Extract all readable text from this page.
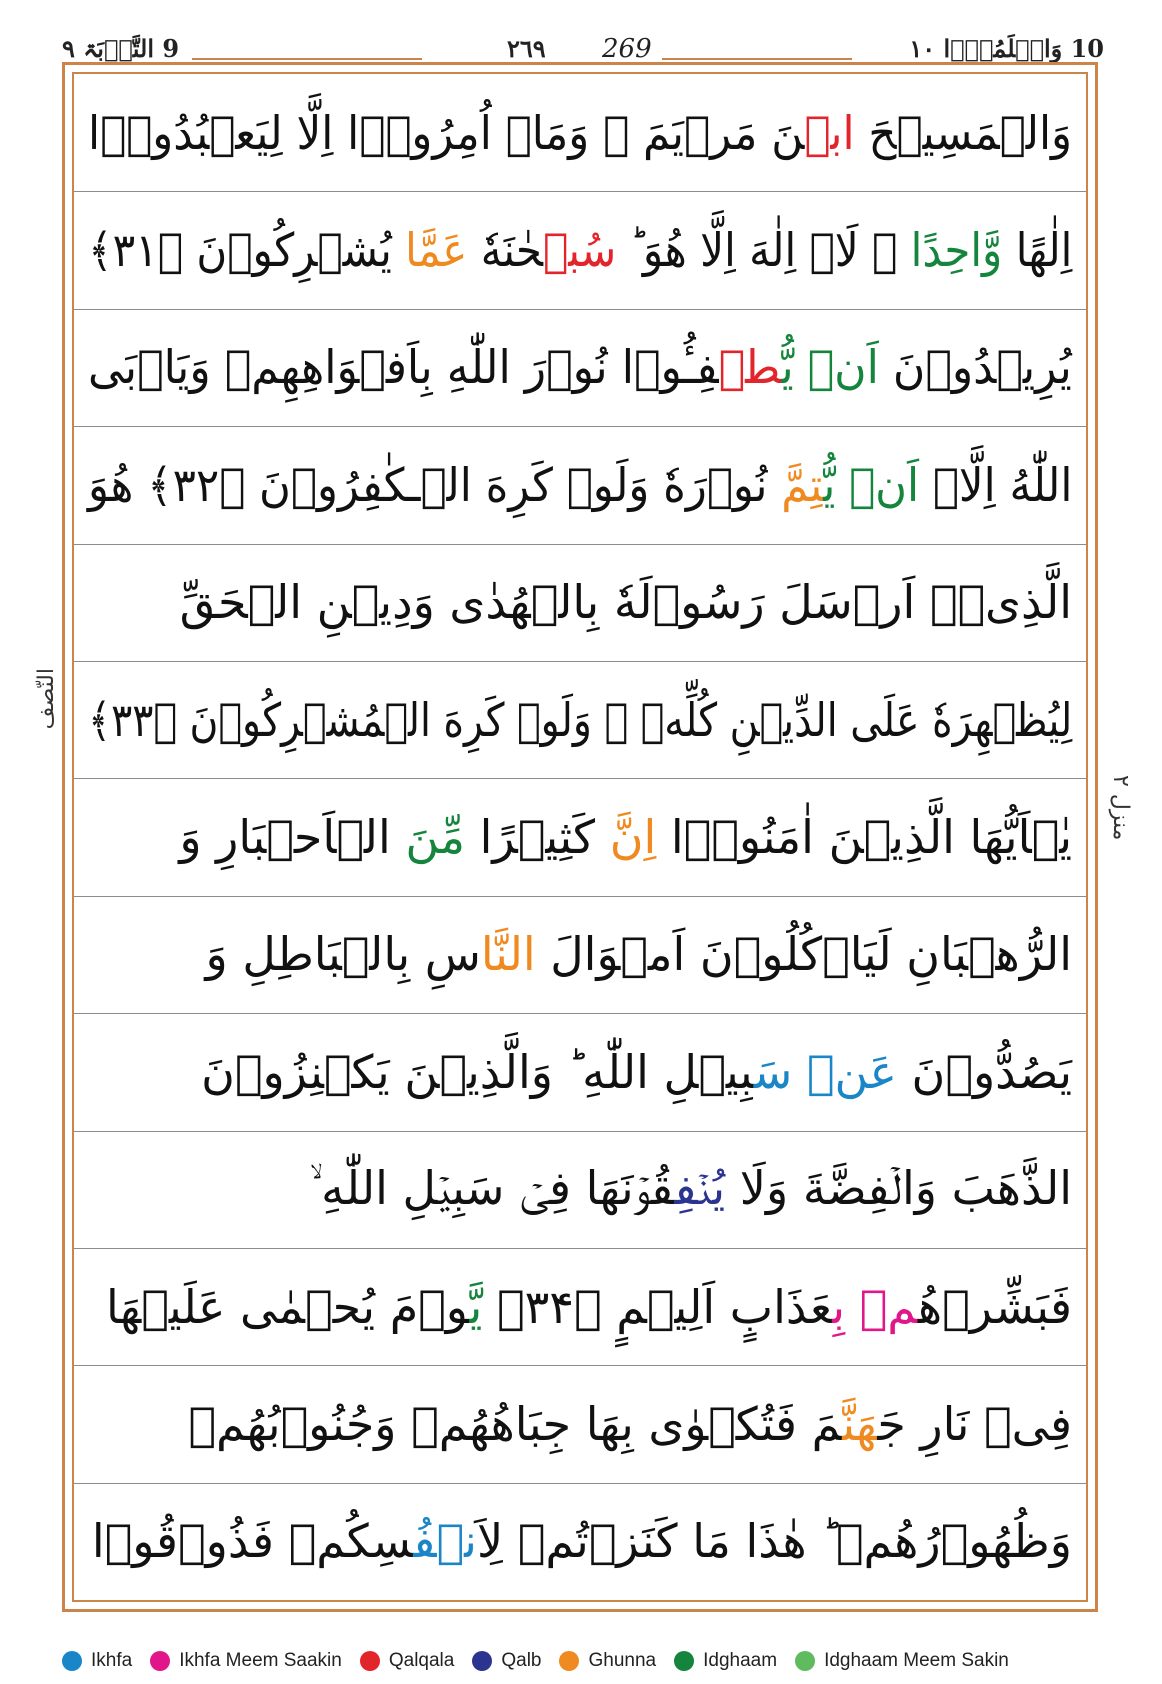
9 التَّوۡبَۃ ۹	٢٦٩ 269	10 وَاعۡلَمُوۡٓا ۱۰
وَالۡمَسِيۡحَ ابۡنَ مَرۡيَمَ ۚ وَمَاۤ اُمِرُوۡۤا اِلَّا لِيَعۡبُدُوۡۤا
اِلٰهًا وَّاحِدًا ۚ لَاۤ اِلٰهَ اِلَّا هُوَ ؕ سُبۡحٰنَهٗ عَمَّا يُشۡرِكُوۡنَ ﴿۳۱﴾
يُرِيۡدُوۡنَ اَنۡ يُّطۡفِـُٔوۡا نُوۡرَ اللّٰهِ بِاَفۡوَاهِهِمۡ وَيَاۡبَى
اللّٰهُ اِلَّاۤ اَنۡ يُّتِمَّ نُوۡرَهٗ وَلَوۡ كَرِهَ الۡـكٰفِرُوۡنَ ﴿۳۲﴾ هُوَ
الَّذِىۡۤ اَرۡسَلَ رَسُوۡلَهٗ بِالۡهُدٰى وَدِيۡنِ الۡحَقِّ
لِيُظۡهِرَهٗ عَلَى الدِّيۡنِ كُلِّهٖ ۙ وَلَوۡ كَرِهَ الۡمُشۡرِكُوۡنَ ﴿۳۳﴾
يٰۤاَيُّهَا الَّذِيۡنَ اٰمَنُوۡۤا اِنَّ كَثِيۡرًا مِّنَ الۡاَحۡبَارِ وَ
الرُّهۡبَانِ لَيَاۡكُلُوۡنَ اَمۡوَالَ النَّاسِ بِالۡبَاطِلِ وَ
يَصُدُّوۡنَ عَنۡ سَبِيۡلِ اللّٰهِ ؕ وَالَّذِيۡنَ يَكۡنِزُوۡنَ
الذَّهَبَ وَالۡفِضَّةَ وَلَا يُنۡفِقُوۡنَهَا فِىۡ سَبِيۡلِ اللّٰهِ ۙ
فَبَشِّرۡهُمۡ بِعَذَابٍ اَلِيۡمٍ ﴿۳۴﴾ يَّوۡمَ يُحۡمٰى عَلَيۡهَا
فِىۡ نَارِ جَهَنَّمَ فَتُكۡوٰى بِهَا جِبَاهُهُمۡ وَجُنُوۡبُهُمۡ
وَظُهُوۡرُهُمۡ ؕ هٰذَا مَا كَنَزۡتُمۡ لِاَنۡفُسِكُمۡ فَذُوۡقُوۡا
النّصف
منزل ۲
Ikhfa Ikhfa Meem Saakin Qalqala Qalb Ghunna Idghaam Idghaam Meem Sakin
